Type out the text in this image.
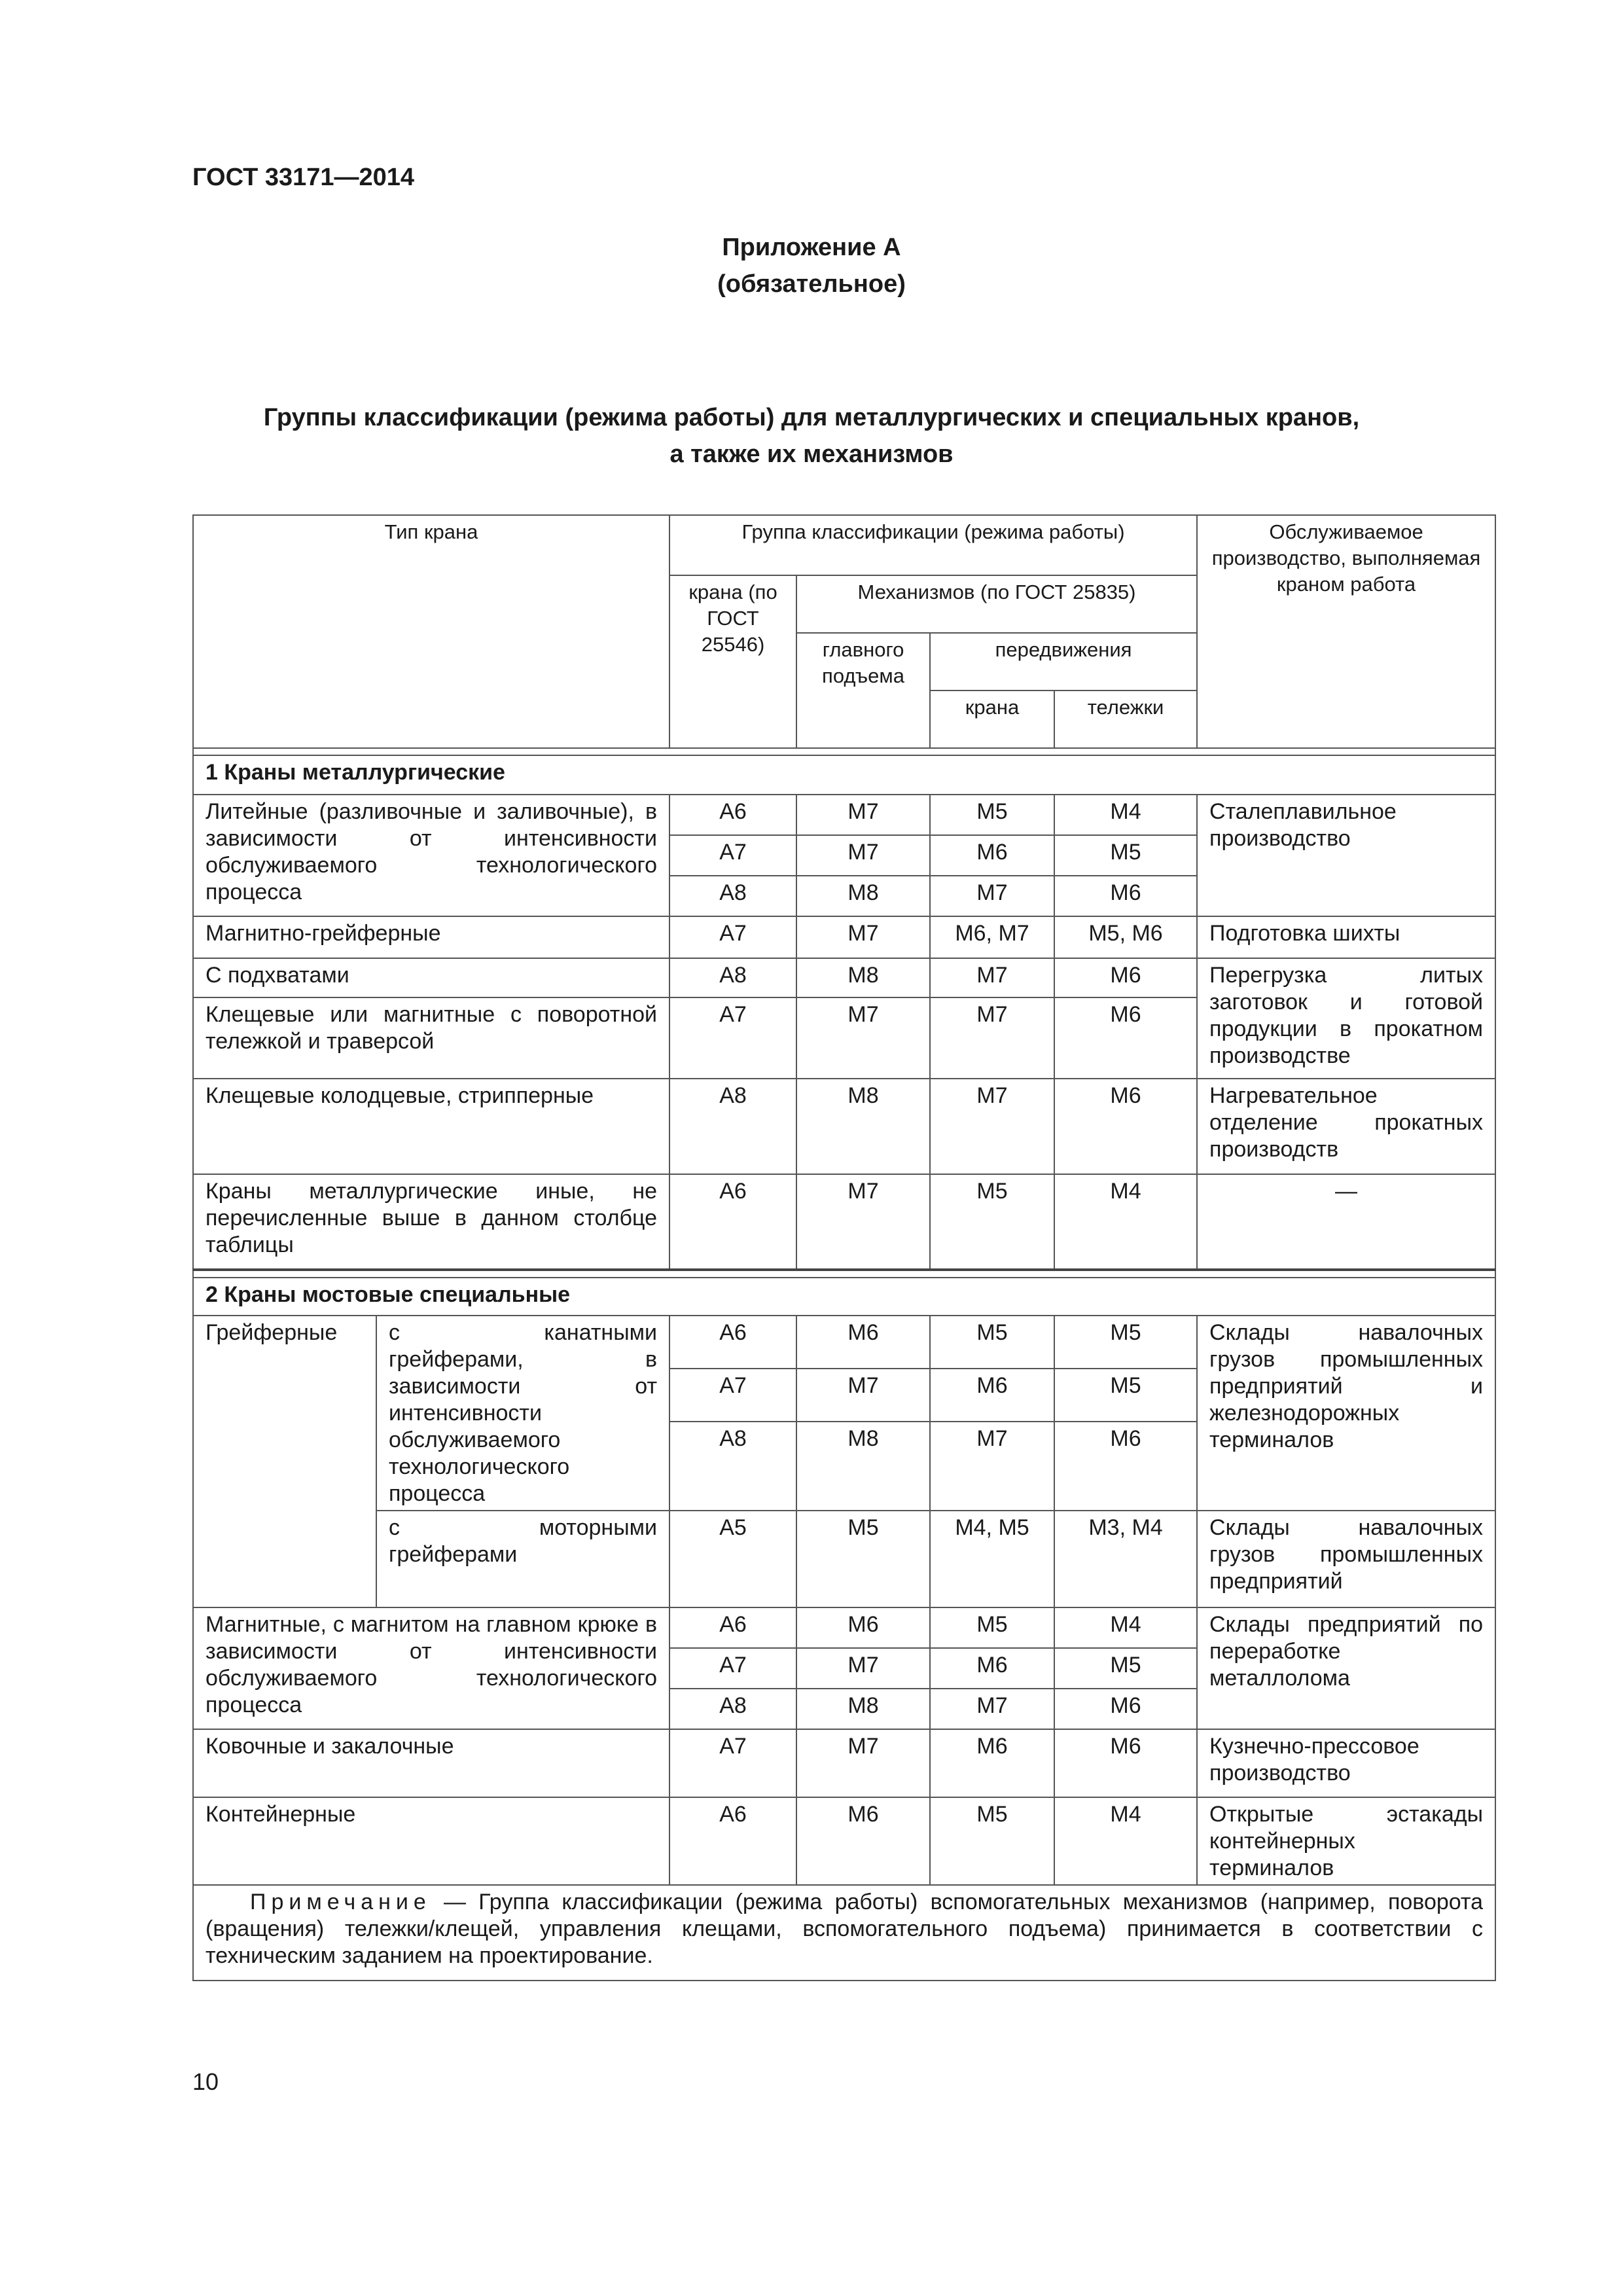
ГОСТ 33171—2014
Приложение А
(обязательное)
Группы классификации (режима работы) для металлургических и специальных кранов,
а также их механизмов
Тип крана		Группа классификации (режима работы)				Обслуживаемое производство, выполняемая краном работа
		крана (по ГОСТ 25546)	Механизмов (по ГОСТ 25835)			
			главного подъема	передвижения		
				крана	тележки	

1 Краны металлургические						
Литейные (разливочные и заливочные), в зависимости от интенсивности обслуживаемого технологического процесса		А6	М7	М5	М4	Сталеплавильное производство
		А7	М7	М6	М5	
		А8	М8	М7	М6	
Магнитно-грейферные		А7	М7	М6, М7	М5, М6	Подготовка шихты
С подхватами		А8	М8	М7	М6	Перегрузка литых заготовок и готовой продукции в прокатном производстве
Клещевые или магнитные с поворотной тележкой и траверсой		А7	М7	М7	М6	
Клещевые колодцевые, стрипперные		А8	М8	М7	М6	Нагревательное отделение прокатных производств
Краны металлургические иные, не перечисленные выше в данном столбце таблицы		А6	М7	М5	М4	—

2 Краны мостовые специальные						
Грейферные	с канатными грейферами, в зависимости от интенсивности обслуживаемого технологического процесса	А6	М6	М5	М5	Склады навалочных грузов промышленных предприятий и железнодорожных терминалов
		А7	М7	М6	М5	
		А8	М8	М7	М6	
	с моторными грейферами	А5	М5	М4, М5	М3, М4	Склады навалочных грузов промышленных предприятий
Магнитные, с магнитом на главном крюке в зависимости от интенсивности обслуживаемого технологического процесса		А6	М6	М5	М4	Склады предприятий по переработке металлолома
		А7	М7	М6	М5	
		А8	М8	М7	М6	
Ковочные и закалочные		А7	М7	М6	М6	Кузнечно-прессовое производство
Контейнерные		А6	М6	М5	М4	Открытые эстакады контейнерных терминалов
  Примечание — Группа классификации (режима работы) вспомогательных механизмов (например, поворота (вращения) тележки/клещей, управления клещами, вспомогательного подъема) принимается в соответствии с техническим заданием на проектирование.						
10
